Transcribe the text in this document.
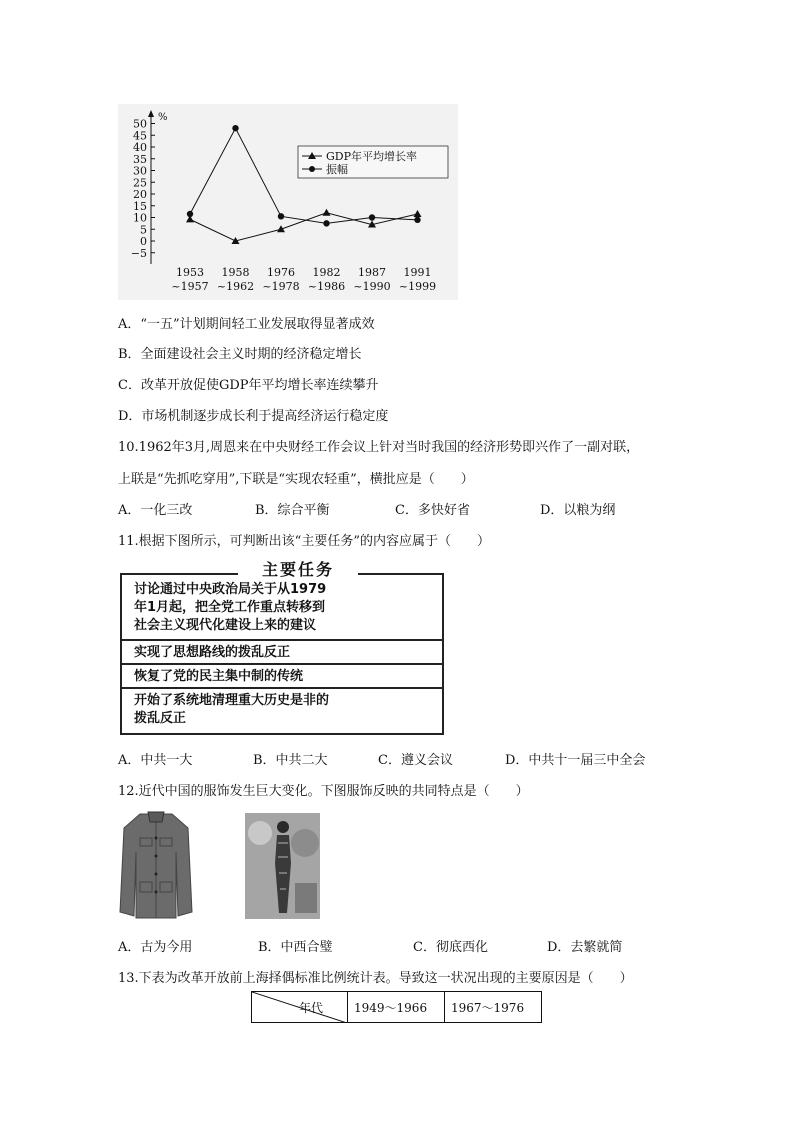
%
50
45
40
35
30
25
20
15
10
5
0
−5
1953
~1957
1958
~1962
1976
~1978
1982
~1986
1987
~1990
1991
~1999
GDP年平均增长率
振幅
A．“一五”计划期间轻工业发展取得显著成效
B．全面建设社会主义时期的经济稳定增长
C．改革开放促使GDP年平均增长率连续攀升
D．市场机制逐步成长利于提高经济运行稳定度
10.1962年3月,周恩来在中央财经工作会议上针对当时我国的经济形势即兴作了一副对联，
上联是“先抓吃穿用”,下联是“实现农轻重”，横批应是（　　）
A．一化三改	B．综合平衡	C．多快好省	D．以粮为纲
11.根据下图所示，可判断出该“主要任务”的内容应属于（　　）
讨论通过中央政治局关于从1979
年1月起，把全党工作重点转移到
社会主义现代化建设上来的建议
实现了思想路线的拨乱反正
恢复了党的民主集中制的传统
开始了系统地清理重大历史是非的
拨乱反正
主要任务
A．中共一大	B．中共二大	C．遵义会议	D．中共十一届三中全会
12.近代中国的服饰发生巨大变化。下图服饰反映的共同特点是（　　）
A．古为今用	B．中西合璧	C．彻底西化	D．去繁就简
13.下表为改革开放前上海择偶标准比例统计表。导致这一状况出现的主要原因是（　　）
年代	1949～1966	1967～1976
